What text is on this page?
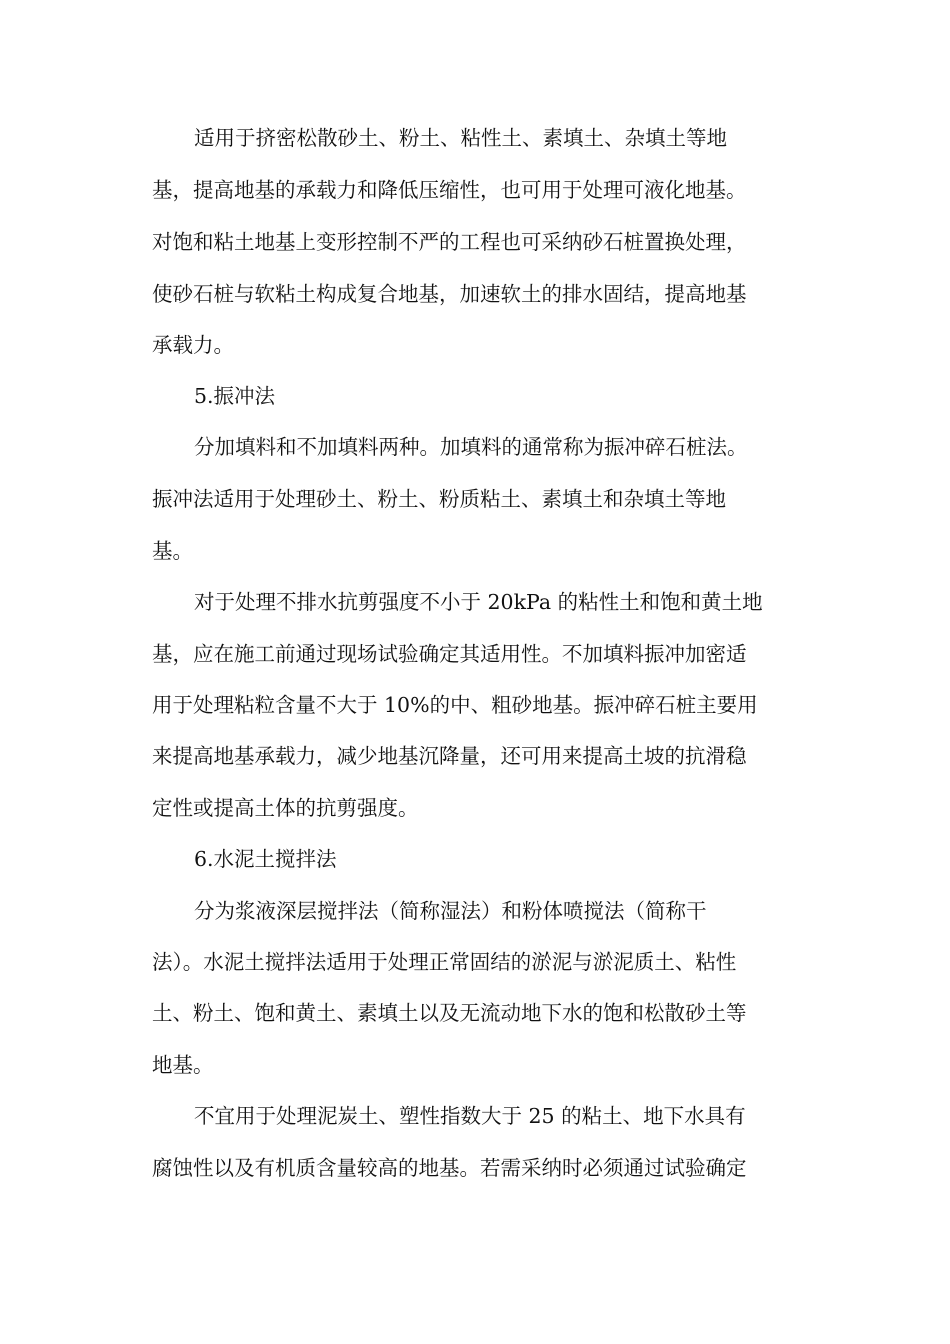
适用于挤密松散砂土、粉土、粘性土、素填土、杂填土等地
基，提高地基的承载力和降低压缩性，也可用于处理可液化地基。
对饱和粘土地基上变形控制不严的工程也可采纳砂石桩置换处理，
使砂石桩与软粘土构成复合地基，加速软土的排水固结，提高地基
承载力。
5.振冲法
分加填料和不加填料两种。加填料的通常称为振冲碎石桩法。
振冲法适用于处理砂土、粉土、粉质粘土、素填土和杂填土等地
基。
对于处理不排水抗剪强度不小于 20kPa 的粘性土和饱和黄土地
基，应在施工前通过现场试验确定其适用性。不加填料振冲加密适
用于处理粘粒含量不大于 10%的中、粗砂地基。振冲碎石桩主要用
来提高地基承载力，减少地基沉降量，还可用来提高土坡的抗滑稳
定性或提高土体的抗剪强度。
6.水泥土搅拌法
分为浆液深层搅拌法（简称湿法）和粉体喷搅法（简称干
法）。水泥土搅拌法适用于处理正常固结的淤泥与淤泥质土、粘性
土、粉土、饱和黄土、素填土以及无流动地下水的饱和松散砂土等
地基。
不宜用于处理泥炭土、塑性指数大于 25 的粘土、地下水具有
腐蚀性以及有机质含量较高的地基。若需采纳时必须通过试验确定
